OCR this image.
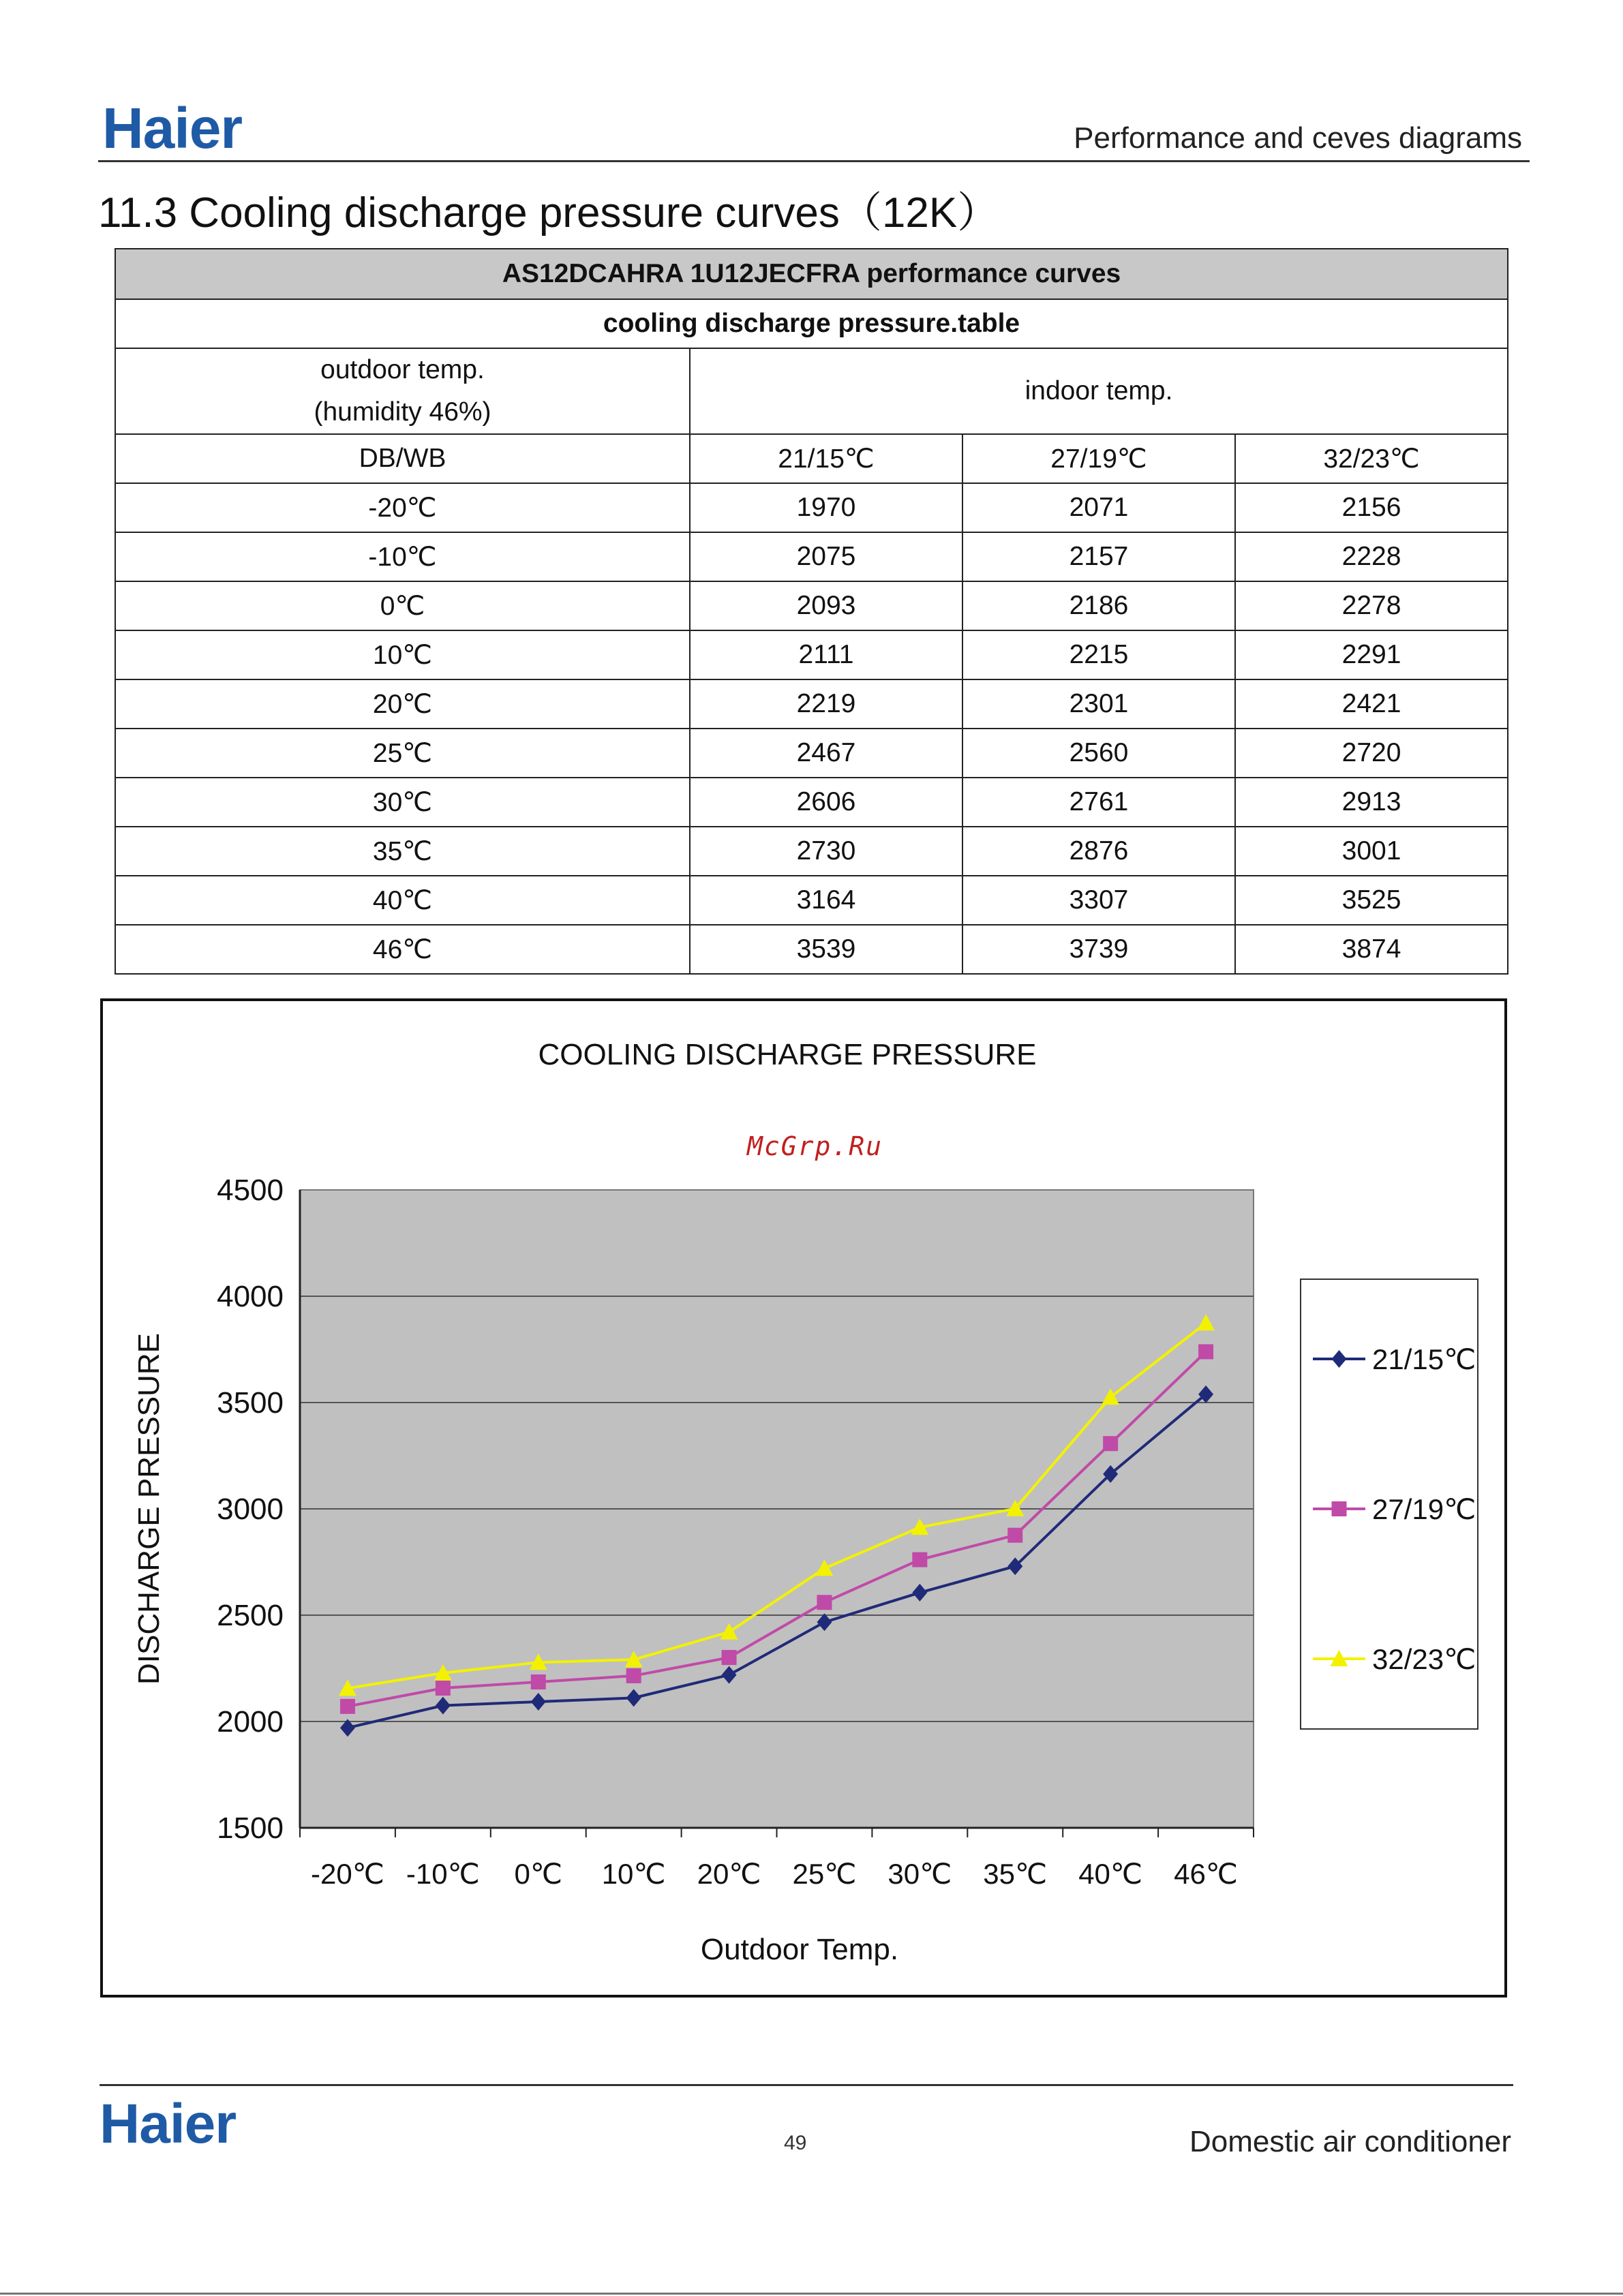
Haier	Performance and ceves diagrams
11.3 Cooling discharge pressure curves（12K）
AS12DCAHRA 1U12JECFRA performance curves			
cooling discharge pressure.table			

outdoor temp.
(humidity 46%)	indoor temp.		
DB/WB	21/15℃	27/19℃	32/23℃
-20℃	1970	2071	2156
-10℃	2075	2157	2228
0℃	2093	2186	2278
10℃	2111	2215	2291
20℃	2219	2301	2421
25℃	2467	2560	2720
30℃	2606	2761	2913
35℃	2730	2876	3001
40℃	3164	3307	3525
46℃	3539	3739	3874
COOLING DISCHARGE PRESSURE
1500
2000
2500
3000
3500
4000
4500
-20℃ -10℃ 0℃ 10℃ 20℃ 25℃ 30℃ 35℃ 40℃ 46℃
DISCHARGE PRESSURE
Outdoor Temp.
21/15℃
27/19℃
32/23℃
McGrp.Ru
Haier	49	Domestic air conditioner
